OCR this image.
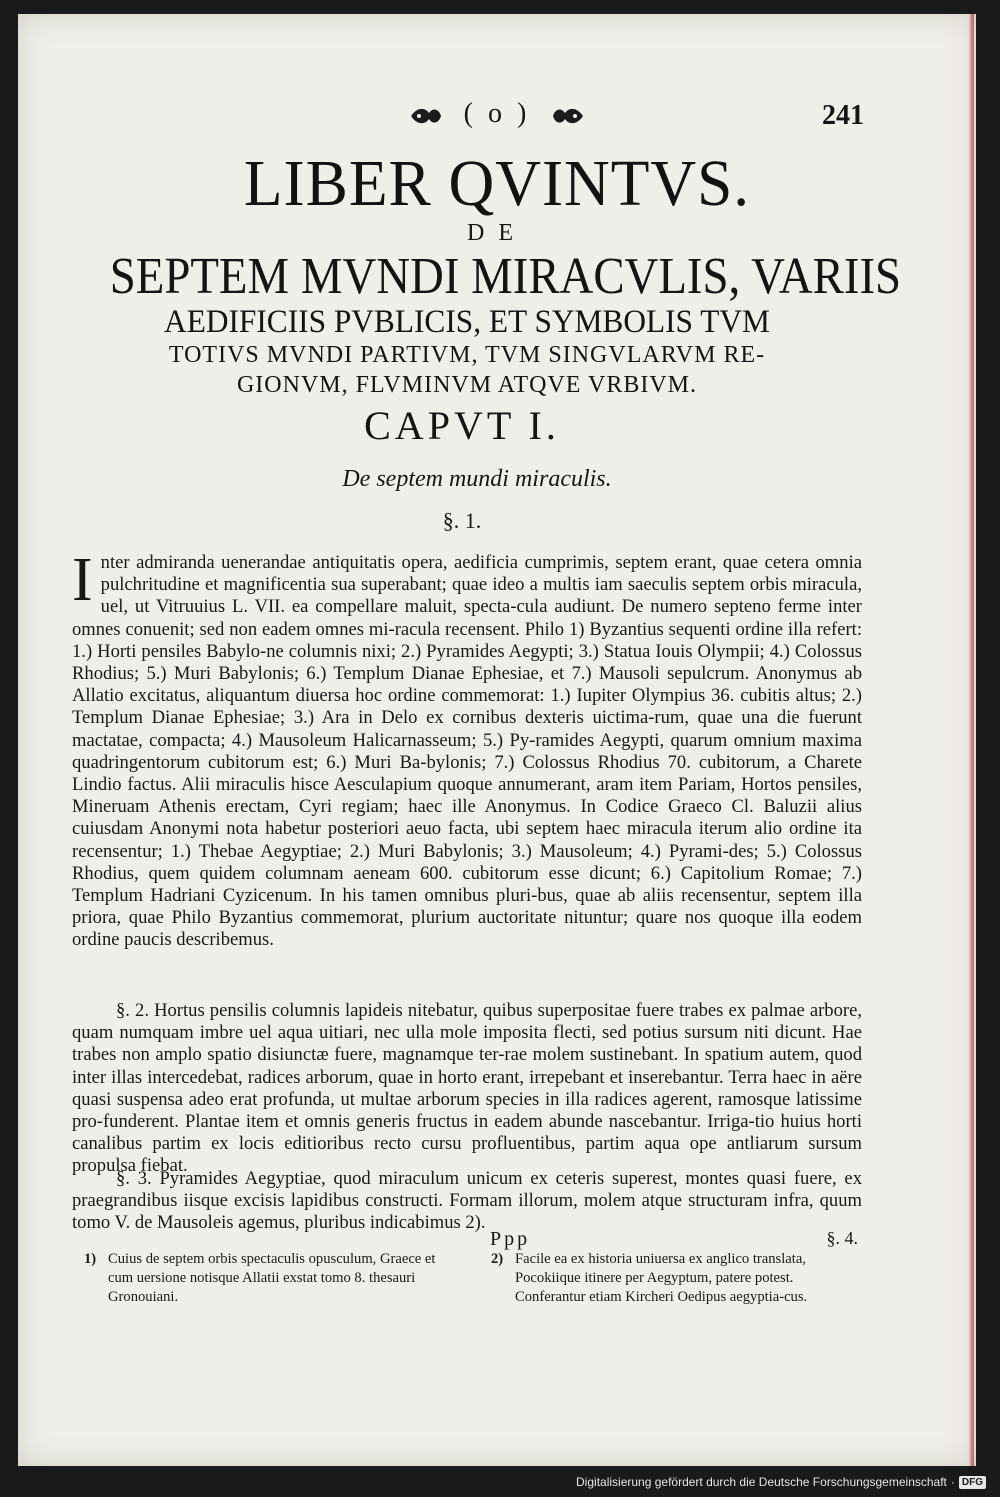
( o )	241
LIBER QVINTVS.
DE
SEPTEM MVNDI MIRACVLIS, VARIIS
AEDIFICIIS PVBLICIS, ET SYMBOLIS TVM
TOTIVS MVNDI PARTIVM, TVM SINGVLARVM RE-
GIONVM, FLVMINVM ATQVE VRBIVM.
CAPVT I.
De septem mundi miraculis.
§. 1.

Inter admiranda uenerandae antiquitatis opera, aedificia cumprimis, septem erant, quae cetera omnia pulchritudine et magnificentia sua superabant; quae ideo a multis iam saeculis septem orbis miracula, uel, ut Vitruuius L. VII. ea compellare maluit, specta-cula audiunt. De numero septeno ferme inter omnes conuenit; sed non eadem omnes mi-racula recensent. Philo 1) Byzantius sequenti ordine illa refert: 1.) Horti pensiles Babylo-ne columnis nixi; 2.) Pyramides Aegypti; 3.) Statua Iouis Olympii; 4.) Colossus Rhodius; 5.) Muri Babylonis; 6.) Templum Dianae Ephesiae, et 7.) Mausoli sepulcrum. Anonymus ab Allatio excitatus, aliquantum diuersa hoc ordine commemorat: 1.) Iupiter Olympius 36. cubitis altus; 2.) Templum Dianae Ephesiae; 3.) Ara in Delo ex cornibus dexteris uictima-rum, quae una die fuerunt mactatae, compacta; 4.) Mausoleum Halicarnasseum; 5.) Py-ramides Aegypti, quarum omnium maxima quadringentorum cubitorum est; 6.) Muri Ba-bylonis; 7.) Colossus Rhodius 70. cubitorum, a Charete Lindio factus. Alii miraculis hisce Aesculapium quoque annumerant, aram item Pariam, Hortos pensiles, Mineruam Athenis erectam, Cyri regiam; haec ille Anonymus. In Codice Graeco Cl. Baluzii alius cuiusdam Anonymi nota habetur posteriori aeuo facta, ubi septem haec miracula iterum alio ordine ita recensentur; 1.) Thebae Aegyptiae; 2.) Muri Babylonis; 3.) Mausoleum; 4.) Pyrami-des; 5.) Colossus Rhodius, quem quidem columnam aeneam 600. cubitorum esse dicunt; 6.) Capitolium Romae; 7.) Templum Hadriani Cyzicenum. In his tamen omnibus pluri-bus, quae ab aliis recensentur, septem illa priora, quae Philo Byzantius commemorat, plurium auctoritate nituntur; quare nos quoque illa eodem ordine paucis describemus.

§. 2. Hortus pensilis columnis lapideis nitebatur, quibus superpositae fuere trabes ex palmae arbore, quam numquam imbre uel aqua uitiari, nec ulla mole imposita flecti, sed potius sursum niti dicunt. Hae trabes non amplo spatio disiunctæ fuere, magnamque ter-rae molem sustinebant. In spatium autem, quod inter illas intercedebat, radices arborum, quae in horto erant, irrepebant et inserebantur. Terra haec in aëre quasi suspensa adeo erat profunda, ut multae arborum species in illa radices agerent, ramosque latissime pro-funderent. Plantae item et omnis generis fructus in eadem abunde nascebantur. Irriga-tio huius horti canalibus partim ex locis editioribus recto cursu profluentibus, partim aqua ope antliarum sursum propulsa fiebat.

§. 3. Pyramides Aegyptiae, quod miraculum unicum ex ceteris superest, montes quasi fuere, ex praegrandibus iisque excisis lapidibus constructi. Formam illorum, molem atque structuram infra, quum tomo V. de Mausoleis agemus, pluribus indicabimus 2).

Ppp	§. 4.
1) Cuius de septem orbis spectaculis opusculum, Graece et cum uersione notisque Allatii exstat tomo 8. thesauri Gronouiani.
2) Facile ea ex historia uniuersa ex anglico translata, Pocokiique itinere per Aegyptum, patere potest. Conferantur etiam Kircheri Oedipus aegyptia-cus.
Digitalisierung gefördert durch die Deutsche Forschungsgemeinschaft · DFG
